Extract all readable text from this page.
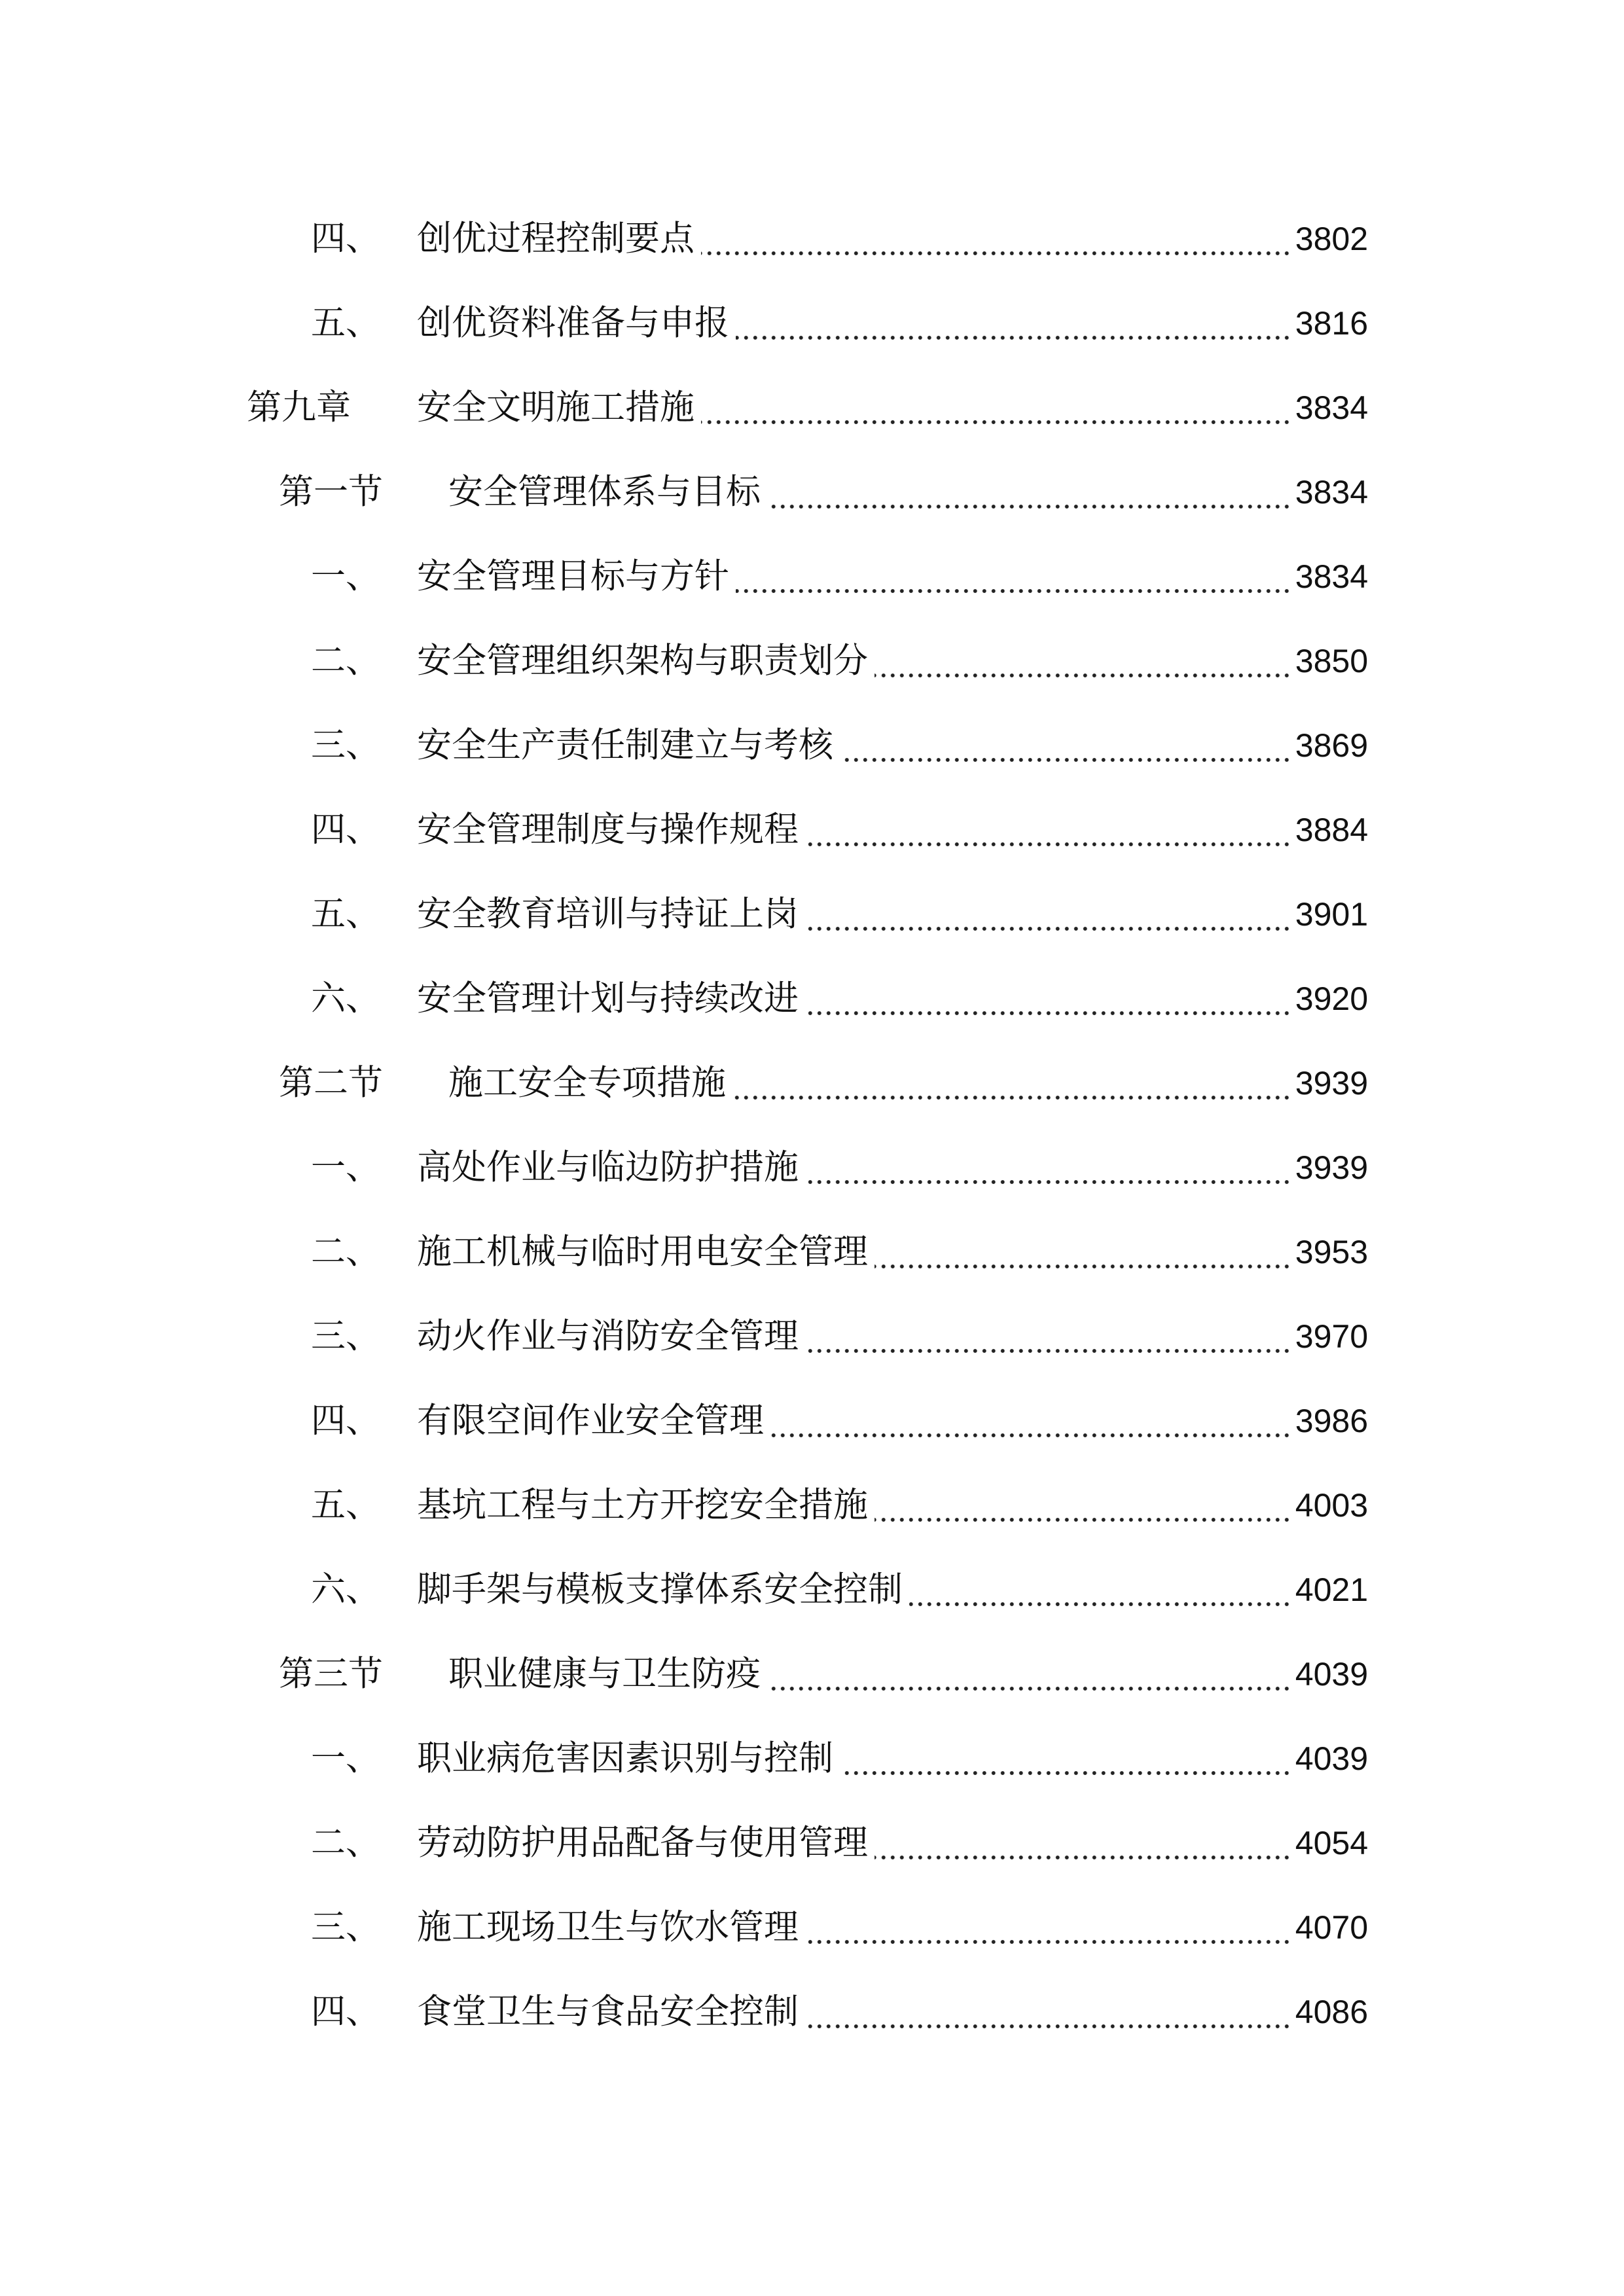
四、 创优过程控制要点	3802
五、 创优资料准备与申报	3816
第九章 安全文明施工措施	3834
第一节 安全管理体系与目标	3834
一、 安全管理目标与方针	3834
二、 安全管理组织架构与职责划分	3850
三、 安全生产责任制建立与考核	3869
四、 安全管理制度与操作规程	3884
五、 安全教育培训与持证上岗	3901
六、 安全管理计划与持续改进	3920
第二节 施工安全专项措施	3939
一、 高处作业与临边防护措施	3939
二、 施工机械与临时用电安全管理	3953
三、 动火作业与消防安全管理	3970
四、 有限空间作业安全管理	3986
五、 基坑工程与土方开挖安全措施	4003
六、 脚手架与模板支撑体系安全控制	4021
第三节 职业健康与卫生防疫	4039
一、 职业病危害因素识别与控制	4039
二、 劳动防护用品配备与使用管理	4054
三、 施工现场卫生与饮水管理	4070
四、 食堂卫生与食品安全控制	4086
